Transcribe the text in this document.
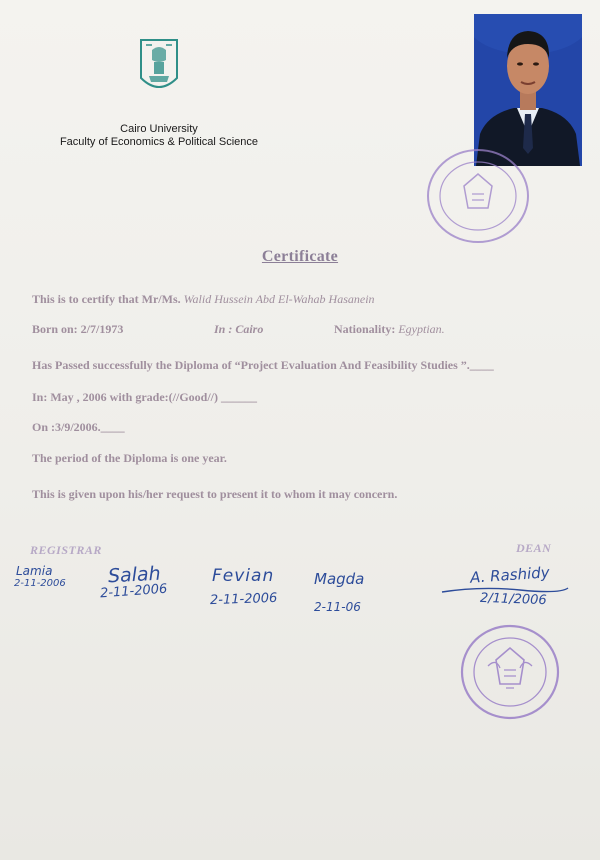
Cairo University
Faculty of Economics & Political Science
Certificate
This is to certify that Mr/Ms. Walid Hussein Abd El-Wahab Hasanein
Born on: 2/7/1973	In : Cairo	Nationality: Egyptian.
Has Passed successfully the Diploma of “Project Evaluation And Feasibility Studies ”.____
In: May , 2006 with grade:(//Good//) ______
On :3/9/2006.____
The period of the Diploma is one year.
This is given upon his/her request to present it to whom it may concern.
REGISTRAR	DEAN
Lamia
2-11-2006 Salah
2-11-2006
Fevian
2-11-2006
Magda
2-11-06
A. Rashidy
2/11/2006
